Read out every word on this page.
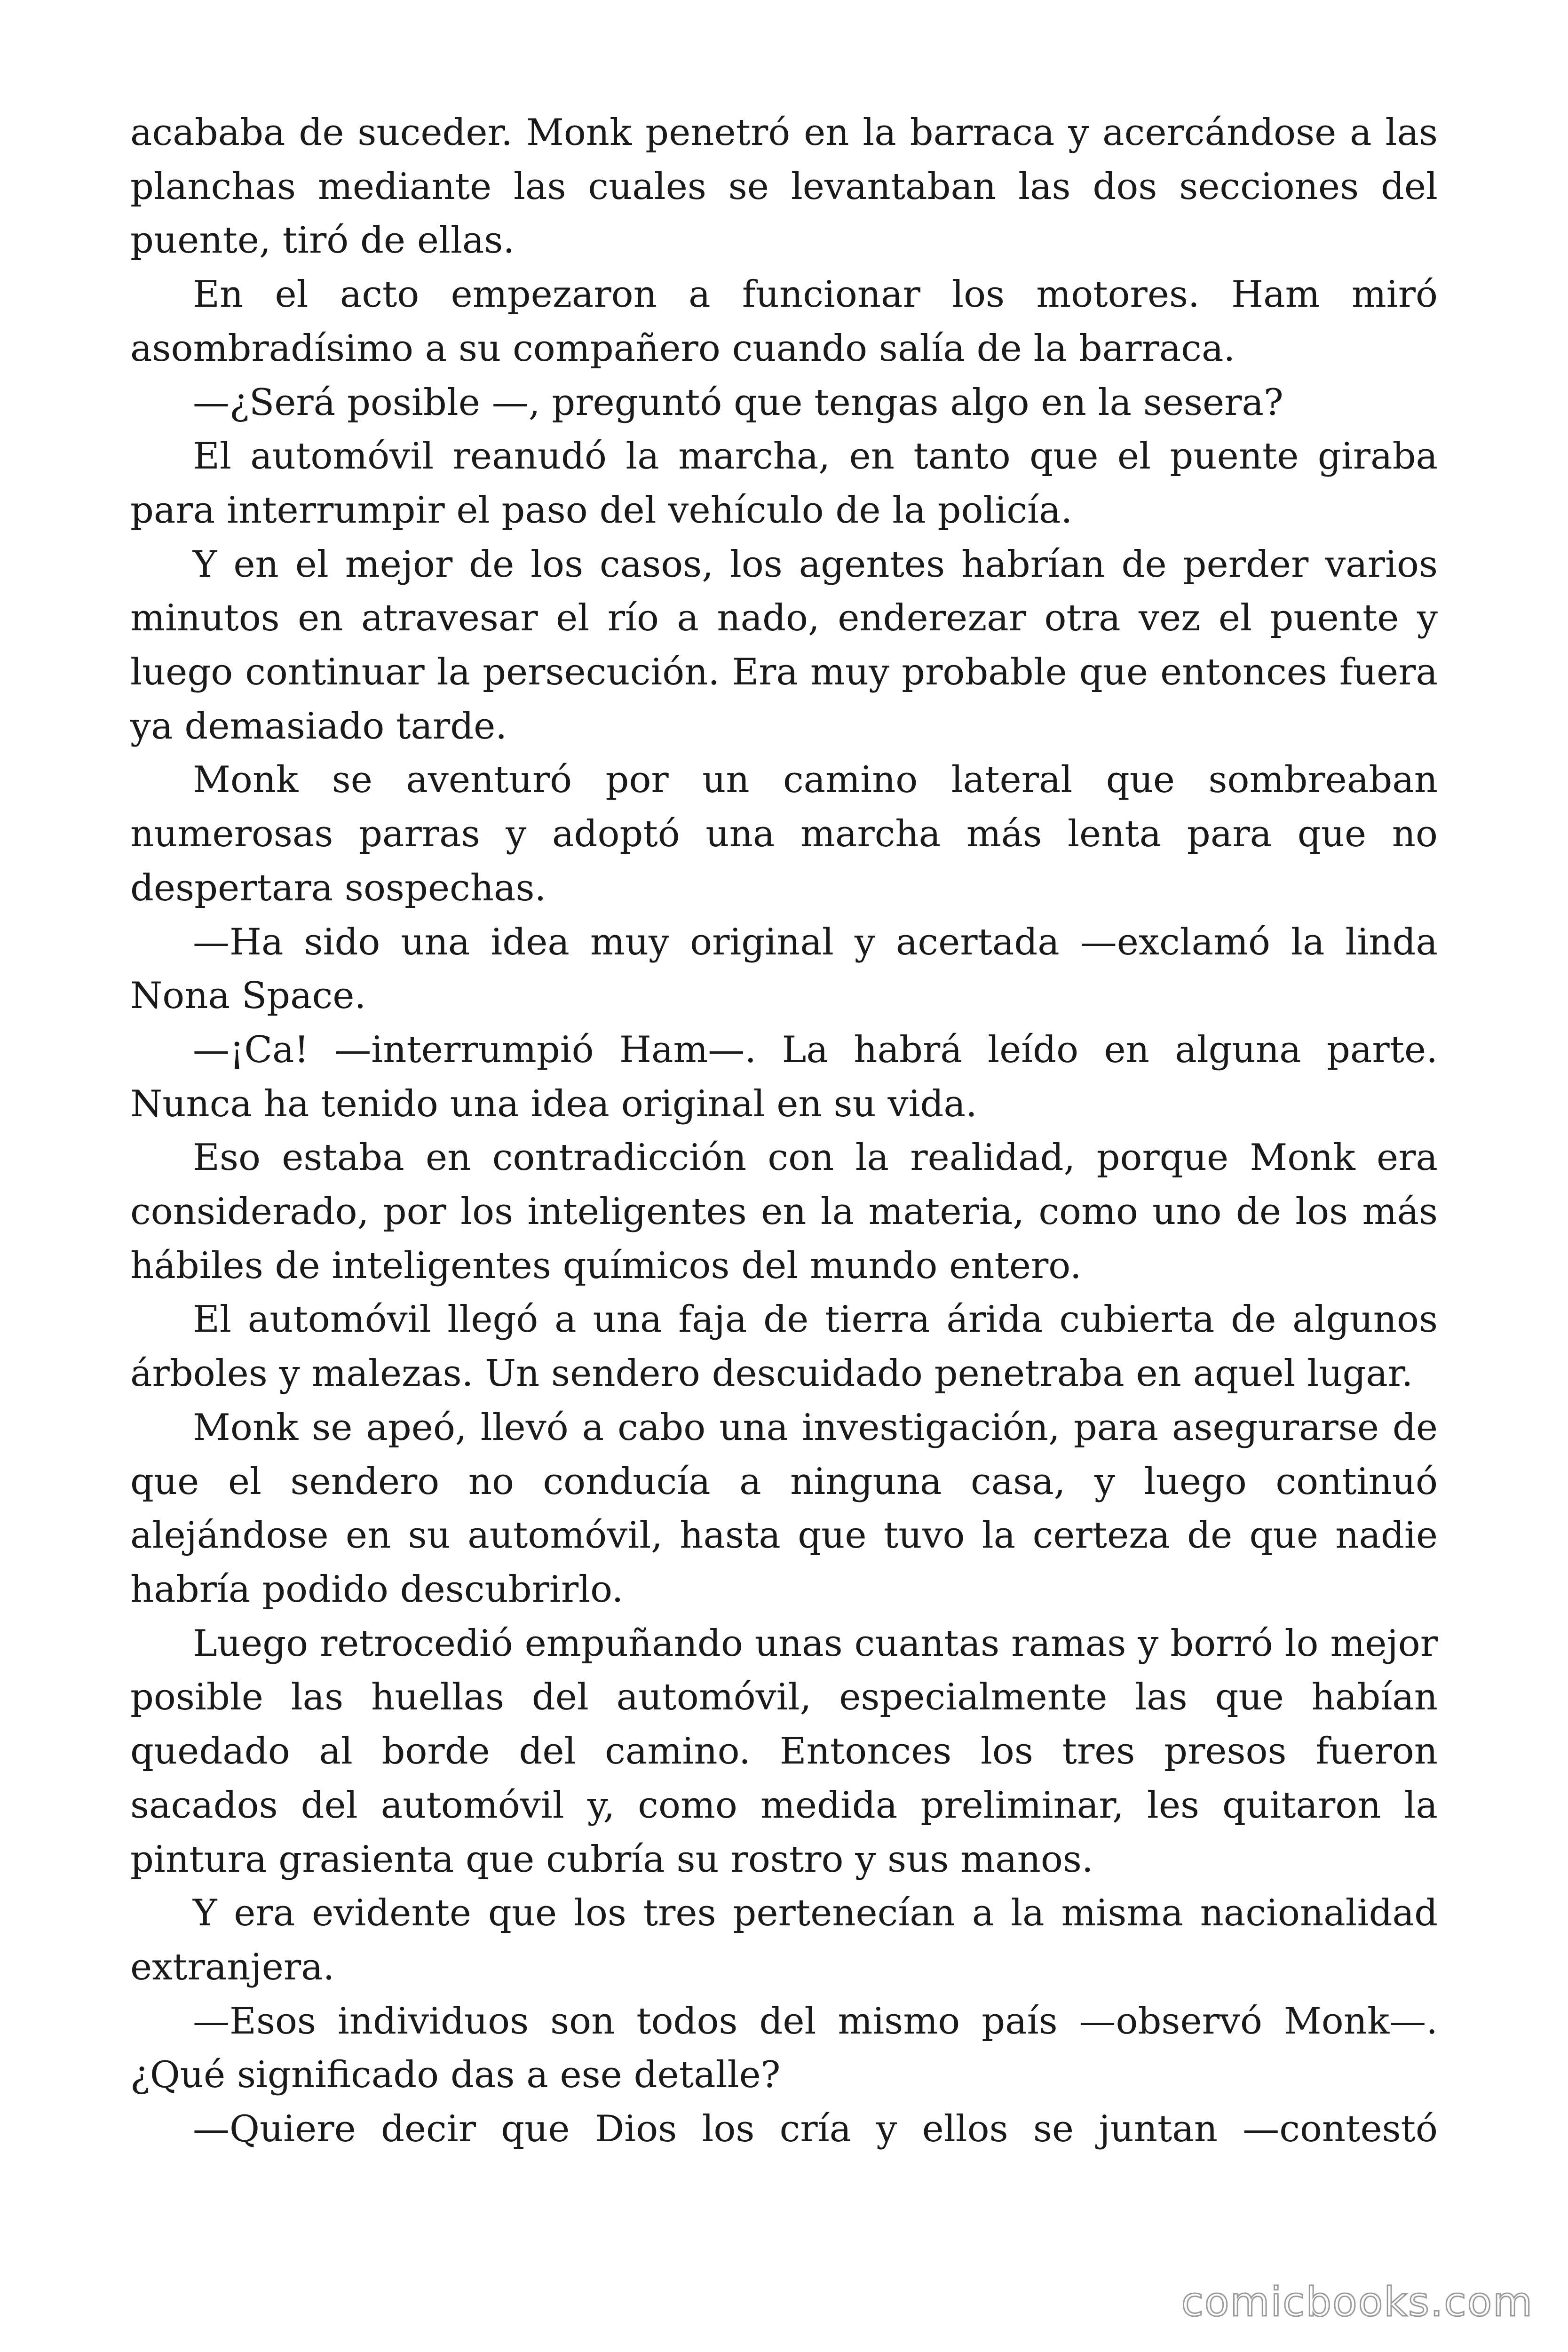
acababa de suceder. Monk penetró en la barraca y acercándose a las planchas mediante las cuales se levantaban las dos secciones del puente, tiró de ellas.

En el acto empezaron a funcionar los motores. Ham miró asombradísimo a su compañero cuando salía de la barraca.

—¿Será posible —, preguntó que tengas algo en la sesera?

El automóvil reanudó la marcha, en tanto que el puente giraba para interrumpir el paso del vehículo de la policía.

Y en el mejor de los casos, los agentes habrían de perder varios minutos en atravesar el río a nado, enderezar otra vez el puente y luego continuar la persecución. Era muy probable que entonces fuera ya demasiado tarde.

Monk se aventuró por un camino lateral que sombreaban numerosas parras y adoptó una marcha más lenta para que no despertara sospechas.

—Ha sido una idea muy original y acertada —exclamó la linda Nona Space.

—¡Ca! —interrumpió Ham—. La habrá leído en alguna parte. Nunca ha tenido una idea original en su vida.

Eso estaba en contradicción con la realidad, porque Monk era considerado, por los inteligentes en la materia, como uno de los más hábiles de inteligentes químicos del mundo entero.

El automóvil llegó a una faja de tierra árida cubierta de algunos árboles y malezas. Un sendero descuidado penetraba en aquel lugar.

Monk se apeó, llevó a cabo una investigación, para asegurarse de que el sendero no conducía a ninguna casa, y luego continuó alejándose en su automóvil, hasta que tuvo la certeza de que nadie habría podido descubrirlo.

Luego retrocedió empuñando unas cuantas ramas y borró lo mejor posible las huellas del automóvil, especialmente las que habían quedado al borde del camino. Entonces los tres presos fueron sacados del automóvil y, como medida preliminar, les quitaron la pintura grasienta que cubría su rostro y sus manos.

Y era evidente que los tres pertenecían a la misma nacionalidad extranjera.

—Esos individuos son todos del mismo país —observó Monk—. ¿Qué significado das a ese detalle?

—Quiere decir que Dios los cría y ellos se juntan —contestó

comicbooks.com
